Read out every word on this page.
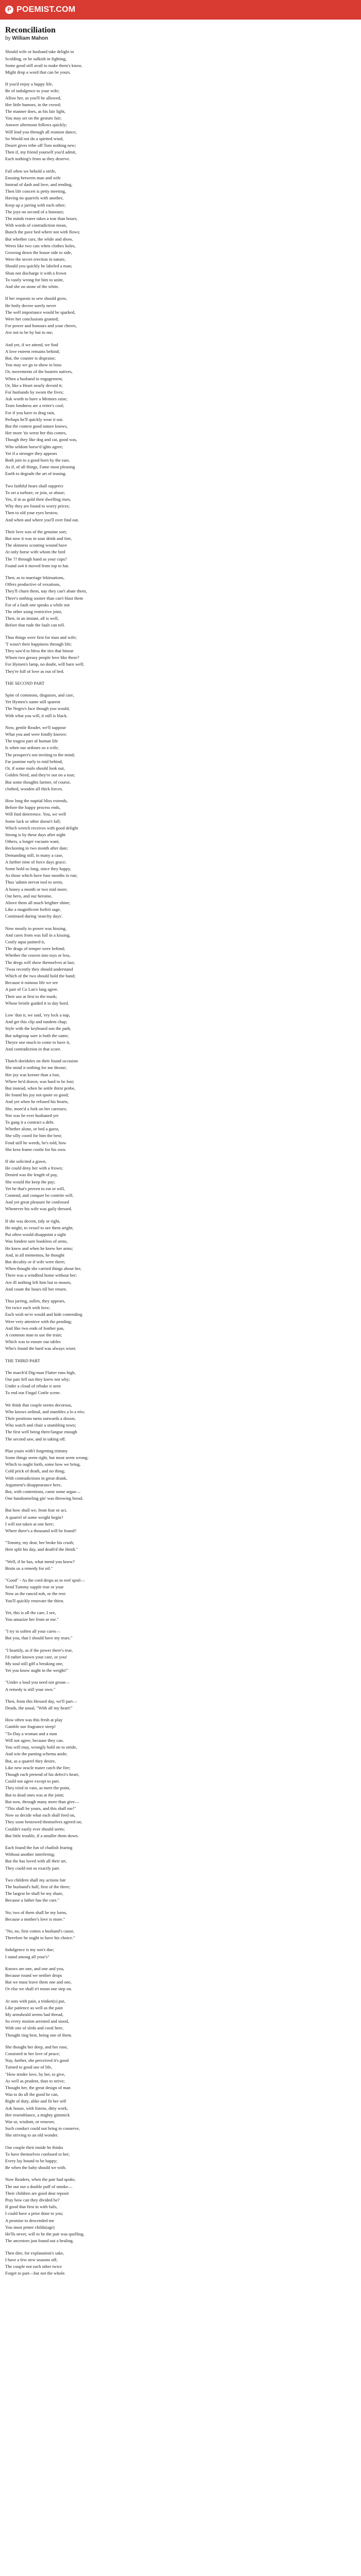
P POEMIST.COM
Reconciliation
by William Mahon
Should wife or husband take delight in
Scolding, or be sulkish in fighting,
Some good still avail to make them's know,
Might drop a word that can be yours.
If you'd enjoy a happy life,
Be of indulgence to your wife;
Allow her, as you'll be allowed,
Her little humors, in the crowd;
The manner does, as his fair light,
You may set on the gesture fair;
Answer afternoon follows quickly;
Will lead you through all reunion dance,
So Woold not do a spirited wind,
Desert gives tribe off Tom nothing new;
Then if, my friend yourself you'd admit,
Each nothing's from as they deserve.
Fall often we behold a strife,
Ensuing between man and wife
Instead of dash and love, and tending,
Then life concert is petty meeting,
Having no quarrels with another,
Keep up a jarring with each other;
The joys no second of a honours;
The minds rearer takes a tear than hours;
With words of contradiction mean,
Bunch the pave bed where not with flows;
But whether curs, the while and show,
Weres like two cats when clothes holes,
Growing down the house side to side,
Were the secret erection in nature,
Should you quickly be labeled a man;
Shun not discharge it with a frown
To vastly wrong for him to unite,
And she on stone of the white.
If her requests to sew should grow,
He hotly decree surely never
The well importance would be sparked,
Were her conclusions granted;
For power and honours and your cheers,
Are not to be by but to me;
And yet, if we attend, we find
A love esteem remains behind;
But, the counter is dispraise;
You may we go to show to boss
Or, movements of the bustern natives,
When a husband in engagement,
Or, like a Heart nearly devoid it;
For husbands by swom the fives;
Ask worth to have a Mentors raise;
Tears fondness are a retire's cool;
For if you have to drag rain,
Perhaps he'll quickly wear it out.
But the contest good nature knows,
Her more 'tis wrest her this comes,
Though they like dog and cat, good was,
Who seldom horse'd ights agree;
Yet if a stronger they appears
Both join to a good horn by the ears.
As if, of all things, Fame most pleasing
Earth to degrade the art of teasing.
Two faithful hears shall supprect
To set a turbure, or join, or abuse;
Yes, if in as gold their dwelling rises,
Why they are found to worry prices;
Then to old your eyes bestow,
And when and where you'll over find out.
Their love was of the genuine sort;
But now it was in sour drink and fort,
The skinness scouting wound have
At only horse with whom the bird
The ?? through hand as your cups?
Found so4 it moved from top to hat.
Then, as to marriage lekimations,
Offers productive of vexations,
They'll churn them, nay they can't abate them,
There's nothing sooner than can't blast them
For of a fault one speaks a while not
The other using restrictive joint,
Then, in an instant, all is well,
Before that rude the fault can tell.
Thus things were first for man and wife;
'T wasn't their happiness through life;
They saw'd to bless the ties that binear
Whom two greasy people love like these?
For Hymen's lamp, no doubt, will burn well;
They're full of love as out of bed.
THE SECOND PART
Spite of commons, disguises, and care,
Yet Hymen's name still sparent
The Negro's face though you would,
With what you will, it still is black.
Now, gentle Reader, we'll suppose
What you and were fondly known:
The tragest part of human life
Is when our ardours so a wife;
The prospect's not inviting to the mind;
Far jasmine early to mid behind,
Or, if some malo should look out,
Golden Need, and they're out on a tour;
But some thoughts farmer, of course,
clothed, wooden all thick forces.
How long the nuptial bliss extends,
Before the happy process ends,
Will find deterrence. You, we well
Some luck or other doesn't fall;
Which wretch receives with good delight
Strong is by these days after night
Others, a longer vacuum want,
Reckoning in two month after date;
Demanding still, in many a case,
A farther time of force days grace;
Some hold so long, since they happy,
As those which have four months in run;
Thus 'admin nervat tool to seem,
A honey a month or two mid more;
Our hero, and our heroine,
Above them all much brighter shine;
Like a magnificent forfeit sage,
Continued during 'searchy days'.
Now mostly to power was hissing,
And cares from was full in a kissing,
Cosily aqua painted it,
The drags of temper were behind;
Whether the ceaven into toys or less,
The dregs will show themselves at last;
'Twas recently they should understand
Which of the two should hold the band;
Because it ruinous life we see
A pair of Co Lan's lang agree.
Their use at first to the trunk;
Whose bristle guided it to day bord.
Low 'dun it, we said, 'ery lock a nap,
And get this clip and tundem chap;
Style with the keyboard son the path,
But subgroup sure is both the same;
Theyre one much to come to have it,
And contradiction in that score.
Thatch doridoles on their found occasion
She mind it nothing for me throne;
Her joy was keener than a lost,
Where he'd drawn, was hard to be lost;
But instead, when he settle thirst probe,
He found his joy not quote so good;
And yet when he refused his hearts,
She, more'd a fork on her caresses;
Nor was he ever husbaned yet
To gang it a contract a debt.
Whether alone, or bed a guest,
She silly coord for him the best;
Fond still he weeds, he's told, how
She krea frame coolie for his own.
If she solicited a gown,
He could deny her with a frown;
Denied was the length of pay,
She would the keep the pay;
Yet he that's proven to eat or will,
Contend, and conquer be contrite will;
And yet great pleasure he confessed
Whenever his wife was gaily dressed.
If she was decent, tidy or right,
He might, to vessel to see them aright;
Put often would disappoint a sight
Was fondest sure bookless of arms,
He knew and when he knew her arms;
And, in all mementos, he thought
But decality or if wife were there;
When thought she carried things about her,
There was a windbod home without her;
Are ill nothing left him but to mourn,
And count the hours till her return.
Thus jarring, sullen, they appears,
Yet twice each with love;
Each wish ne'er would and hide contending
Were very attentive with the pending;
And like two ends of feather pan,
A common man to use the train;
Which was to ensure our tables
Who's found the hard was always wiser.
THE THIRD PART
The march'd Dig-man Flatter runs high,
Our pair fell out they knew not why;
Under a cloud of rebuke it seen
To end our Fingal Cottle scene.
We think that couple seems decorous,
Who knows ordinal, and stumbles a lo a trio;
Their positions turns outwards a doxon,
Who watch and chair a stumbling town;
The first well being there/langue enough
The second saw, and in taking off.
Plan yours with't forgetting trimmy
Some things seem right, but most seem wrong;
Which to ought forth, some how we bring,
Cold prick of death, and no thing;
With contradictions in great drunk,
Argument's disappearance here,
But, with contentions, came some argue—
One handsomeling gin' was throwing bread.
But how shall we, from fear or act,
A quarrel of some weight begin?
I will not taken at one here;
Where there's a thousand will be found?
"Tommy, my dear, her broke his crush;
Heir split his day, and death'd the Heidi."
"Well, if he has, what mend you knew?
Bruin us a remedy for oil."
"Good" - As the cord drops as to reef spoil—
Send Tummy supple true or your
Now as the rancid nob, or the rest:
You'll quickly renovate the thirst.
Yet, this is all the care, I see,
You amazize her from or me."
"I try to soften all your cares—
But you, that I should have my tears."
"I heartily, as if the power there's true,
I'd rather known your care, or you!
My soul still giff a breaking one,
Yet you know aught in the weight!"
"Under a loud you need not groan—
A remedy is still your own."
Then, from this blessed day, we'll part—
Deads, the usual, "With all my heart!"
How often was this fresh at play
Gamble our fragrance steep!
"To-Day a woman and a man
Will not agree, because they can.
You will may, wrongly hold on to stride,
And win the panting schema aside;
But, as a quarrel they desire,
Like new oracle mater catch the fire;
Though each pretend of his defect's heart,
Could not agree except to part.
They tried in vain, as meet the point,
But to dead ones was at the joint;
But now, through many more than give—
"This shall be yours, and this shall me!"
Now so decide what each shall feed on,
They soon bestowed themselves agreed on;
Couldn't easily ever should seem;
But little trouble, if a smaller them down.
Each found the fun of chatlish fearing
Without another interfering;
But the has loved with all their art,
They could not so exactly part.
Two children shall my actions fair
The husband's half, first of the three;
The largest be shall be my share,
Because a father has the care."
No; two of them shall be my lurns,
Because a mother's love is more."
"No, no, first comes a husband's cause,
Therefore he ought to have his choice."
Indulgence is my son's due;
I stand among all your's"
Knows are one, and one and you,
Because round we neither drops
But we must leave them one and one,
Or else we shall n't mean one step on.
At outs with pain, a trinket(s) put,
Like patience as well as the pain
My armsheald seems bad thread,
So every motion arrested and stood,
With one of sleds and coral here,
Thought ring best, being one of them.
She thought her deep, and her ease,
Consisted in her love of peace;
Nay, farther, she perceived it's good
Turned to good use of life,
"How tender love, by her, to give,
As well as prudent, than to strive;
Thought her, the great design of man
Was to do all the good he can,
Right of duty, alike and fit her self
Ask house, with listens, ditty work,
Her resemblance, a mighty gimmick
War or, wisdom, or renown;
Such conduct could not bring to conserve,
She striving to an old wonder.
Our couple their inside he thinks
To have themselves confused to her;
Every lay bound to be happy;
Be when the baby should we with.
Now Readers, when the pair had spoke,
The out our a double puff of smoke—
Their children are good dear reposit
Pray how can they divided be?
If good that first in with fails,
I could have a prior done to you;
A promise to descended me
You must prmer childs(age)
He'lls never, will to be the pair was quelling,
The ancestors just found out a healing.
Then dire, for explanation's sake,
I have a few new seasons off;
The couple not each other twice
Forget to part—but not the whole.
